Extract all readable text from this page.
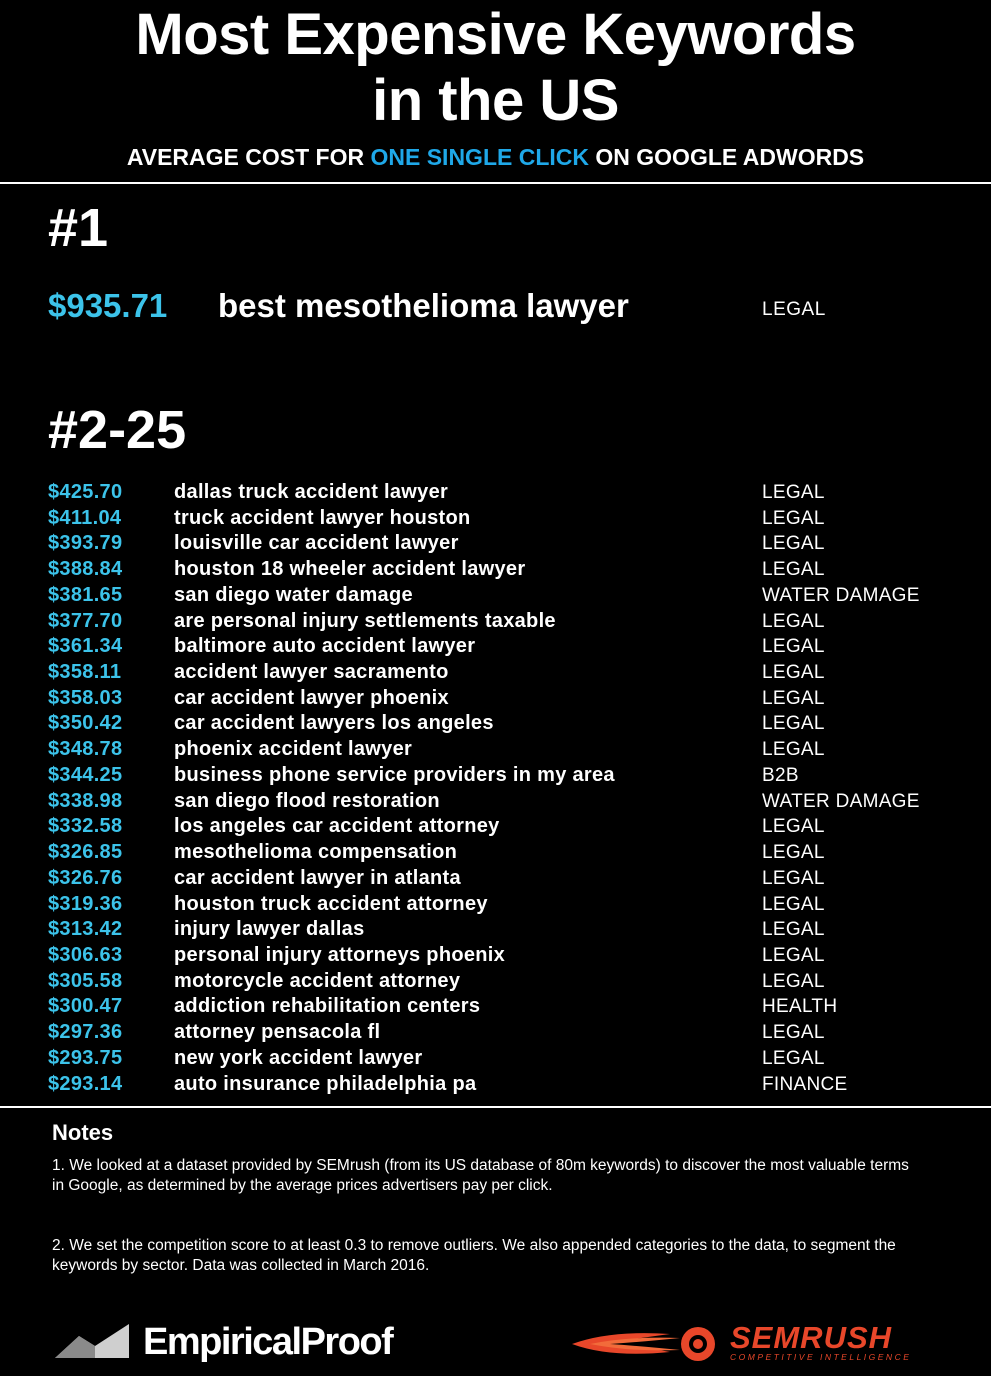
Most Expensive Keywords
in the US
AVERAGE COST FOR ONE SINGLE CLICK ON GOOGLE ADWORDS
#1
$935.71 best mesothelioma lawyer	LEGAL
#2-25
$425.70	dallas truck accident lawyer	LEGAL
$411.04	truck accident lawyer houston	LEGAL
$393.79	louisville car accident lawyer	LEGAL
$388.84	houston 18 wheeler accident lawyer	LEGAL
$381.65	san diego water damage	WATER DAMAGE
$377.70	are personal injury settlements taxable	LEGAL
$361.34	baltimore auto accident lawyer	LEGAL
$358.11	accident lawyer sacramento	LEGAL
$358.03	car accident lawyer phoenix	LEGAL
$350.42	car accident lawyers los angeles	LEGAL
$348.78	phoenix accident lawyer	LEGAL
$344.25	business phone service providers in my area	B2B
$338.98	san diego flood restoration	WATER DAMAGE
$332.58	los angeles car accident attorney	LEGAL
$326.85	mesothelioma compensation	LEGAL
$326.76	car accident lawyer in atlanta	LEGAL
$319.36	houston truck accident attorney	LEGAL
$313.42	injury lawyer dallas	LEGAL
$306.63	personal injury attorneys phoenix	LEGAL
$305.58	motorcycle accident attorney	LEGAL
$300.47	addiction rehabilitation centers	HEALTH
$297.36	attorney pensacola fl	LEGAL
$293.75	new york accident lawyer	LEGAL
$293.14	auto insurance philadelphia pa	FINANCE
Notes
1. We looked at a dataset provided by SEMrush (from its US database of 80m keywords) to discover the most valuable terms in Google, as determined by the average prices advertisers pay per click.
2. We set the competition score to at least 0.3 to remove outliers. We also appended categories to the data, to segment the keywords by sector. Data was collected in March 2016.
EmpiricalProof	SEMRUSH
COMPETITIVE INTELLIGENCE
